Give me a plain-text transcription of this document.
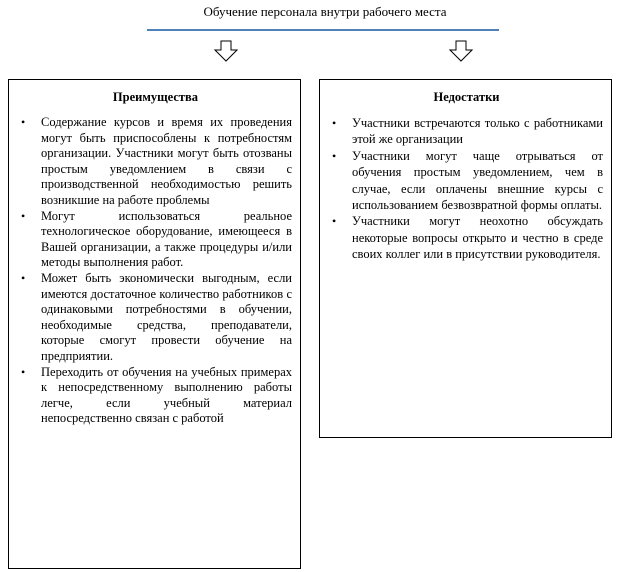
Обучение персонала внутри рабочего места
Преимущества
• Содержание курсов и время их проведения могут быть приспособлены к потребностям организации. Участники могут быть отозваны простым уведомлением в связи с производственной необходимостью решить возникшие на работе проблемы
• Могут использоваться реальное технологическое оборудование, имеющееся в Вашей организации, а также процедуры и/или методы выполнения работ.
• Может быть экономически выгодным, если имеются достаточное количество работников с одинаковыми потребностями в обучении, необходимые средства, преподаватели, которые смогут провести обучение на предприятии.
• Переходить от обучения на учебных примерах к непосредственному выполнению работы легче, если учебный материал непосредственно связан с работой
Недостатки
• Участники встречаются только с работниками этой же организации
• Участники могут чаще отрываться от обучения простым уведомлением, чем в случае, если оплачены внешние курсы с использованием безвозвратной формы оплаты.
• Участники могут неохотно обсуждать некоторые вопросы открыто и честно в среде своих коллег или в присутствии руководителя.
